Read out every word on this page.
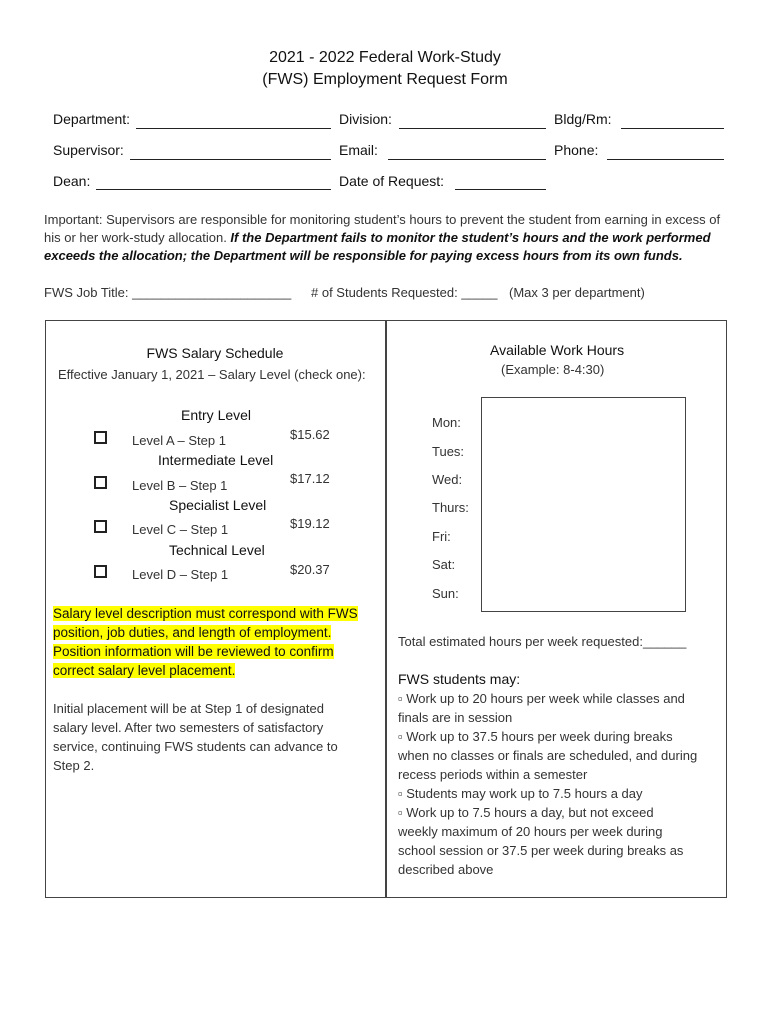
2021 - 2022 Federal Work-Study
(FWS) Employment Request Form
Department:	Division:	Bldg/Rm:
Supervisor:	Email:	Phone:
Dean:	Date of Request:
Important: Supervisors are responsible for monitoring student’s hours to prevent the student from earning in excess of his or her work-study allocation. If the Department fails to monitor the student’s hours and the work performed exceeds the allocation; the Department will be responsible for paying excess hours from its own funds.
FWS Job Title: ______________________ # of Students Requested: _____ (Max 3 per department)
FWS Salary Schedule
Effective January 1, 2021 – Salary Level (check one):
Entry Level
Level A – Step 1	$15.62
Intermediate Level
Level B – Step 1	$17.12
Specialist Level
Level C – Step 1	$19.12
Technical Level
Level D – Step 1	$20.37
Salary level description must correspond with FWS
position, job duties, and length of employment.
Position information will be reviewed to confirm
correct salary level placement.
Initial placement will be at Step 1 of designated
salary level. After two semesters of satisfactory
service, continuing FWS students can advance to
Step 2.
Available Work Hours
(Example: 8-4:30)
Mon:
Tues:
Wed:
Thurs:
Fri:
Sat:
Sun:
Total estimated hours per week requested:______
FWS students may:
▫ Work up to 20 hours per week while classes and
finals are in session
▫ Work up to 37.5 hours per week during breaks
when no classes or finals are scheduled, and during
recess periods within a semester
▫ Students may work up to 7.5 hours a day
▫ Work up to 7.5 hours a day, but not exceed
weekly maximum of 20 hours per week during
school session or 37.5 per week during breaks as
described above
